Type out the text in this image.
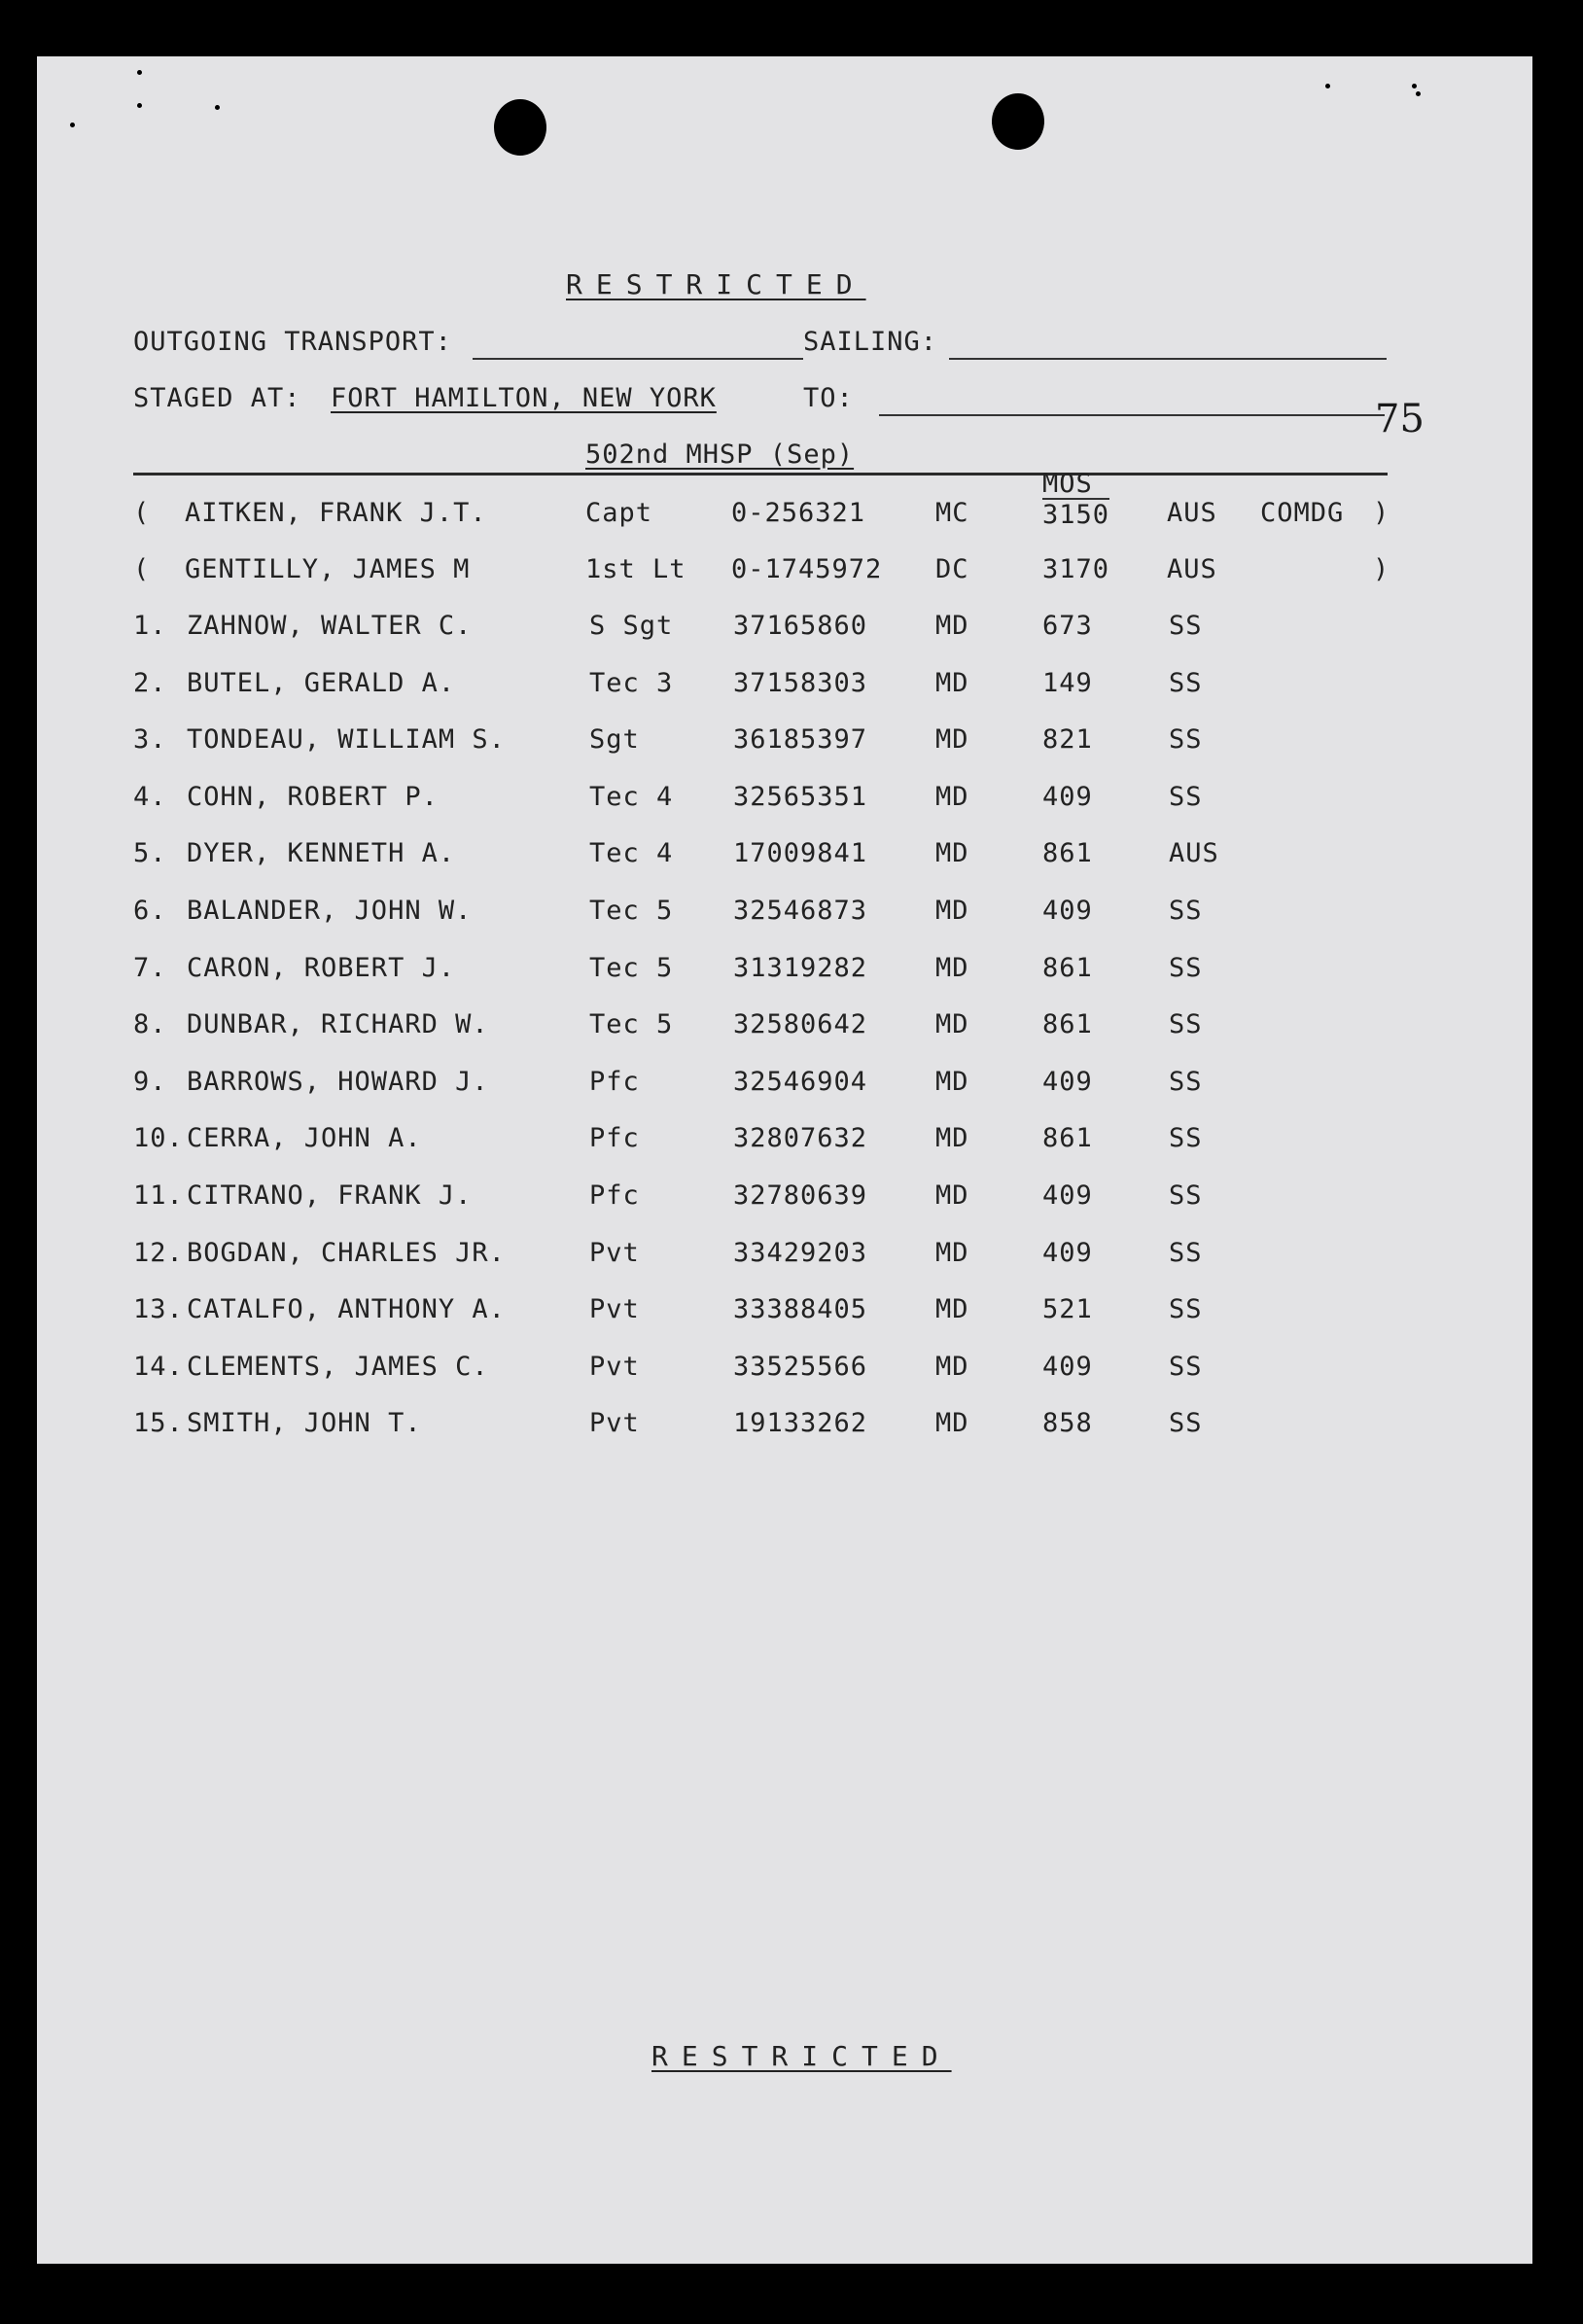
RESTRICTED
OUTGOING TRANSPORT:	SAILING:
STAGED AT: FORT HAMILTON, NEW YORK	TO:	75
502nd MHSP (Sep)
MOS
( AITKEN, FRANK J.T.	Capt	0-256321	MC	3150 AUS COMDG )
( GENTILLY, JAMES M	1st Lt 0-1745972 DC	3170 AUS	)
1. ZAHNOW, WALTER C.	S Sgt 37165860	MD	673	SS
2. BUTEL, GERALD A.	Tec 3 37158303	MD	149	SS
3. TONDEAU, WILLIAM S.	Sgt	36185397	MD	821	SS
4. COHN, ROBERT P.	Tec 4 32565351	MD	409	SS
5. DYER, KENNETH A.	Tec 4 17009841	MD	861	AUS
6. BALANDER, JOHN W.	Tec 5 32546873	MD	409	SS
7. CARON, ROBERT J.	Tec 5 31319282	MD	861	SS
8. DUNBAR, RICHARD W.	Tec 5 32580642	MD	861	SS
9. BARROWS, HOWARD J.	Pfc	32546904	MD	409	SS
10. CERRA, JOHN A.	Pfc	32807632	MD	861	SS
11. CITRANO, FRANK J.	Pfc	32780639	MD	409	SS
12. BOGDAN, CHARLES JR.	Pvt	33429203	MD	409	SS
13. CATALFO, ANTHONY A.	Pvt	33388405	MD	521	SS
14. CLEMENTS, JAMES C.	Pvt	33525566	MD	409	SS
15. SMITH, JOHN T.	Pvt	19133262	MD	858	SS
RESTRICTED
